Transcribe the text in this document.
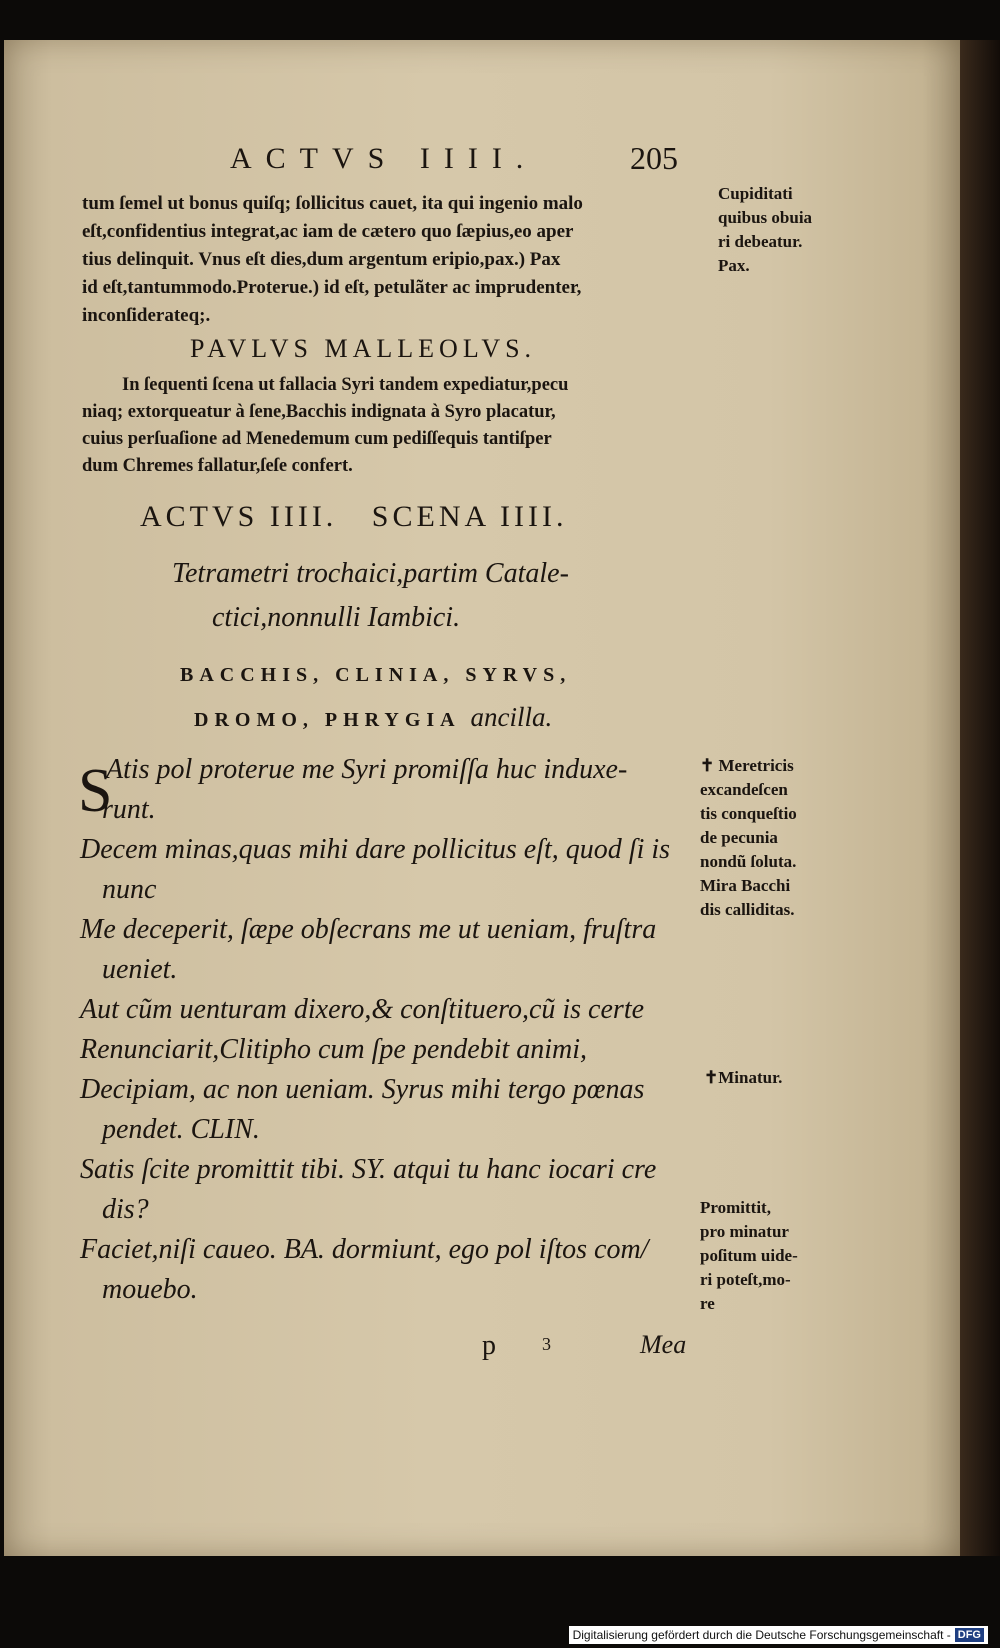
ACTVS IIII.	205
tum ſemel ut bonus quiſq; ſollicitus cauet, ita qui ingenio malo
eſt,confidentius integrat,ac iam de cætero quo ſæpius,eo aper
tius delinquit. Vnus eſt dies,dum argentum eripio,pax.) Pax
id eſt,tantummodo.Proterue.) id eſt, petulãter ac imprudenter,
inconſiderateq;.
PAVLVS MALLEOLVS.
In ſequenti ſcena ut fallacia Syri tandem expediatur,pecu
niaq; extorqueatur à ſene,Bacchis indignata à Syro placatur,
cuius perſuaſione ad Menedemum cum pediſſequis tantiſper
dum Chremes fallatur,ſeſe confert.
ACTVS IIII.   SCENA IIII.
Tetrametri trochaici,partim Catale-
ctici,nonnulli Iambici.
BACCHIS, CLINIA, SYRVS,
DROMO, PHRYGIA ancilla.
S
Atis pol proterue me Syri promiſſa huc induxe-
runt.
Decem minas,quas mihi dare pollicitus eſt, quod ſi is
nunc
Me deceperit, ſæpe obſecrans me ut ueniam, fruſtra
ueniet.
Aut cũm uenturam dixero,& conſtituero,cũ is certe
Renunciarit,Clitipho cum ſpe pendebit animi,
Decipiam, ac non ueniam. Syrus mihi tergo pœnas
pendet. CLIN.
Satis ſcite promittit tibi. SY. atqui tu hanc iocari cre
dis?
Faciet,niſi caueo. BA. dormiunt, ego pol iſtos com/
mouebo.
Cupiditati
quibus obuia
ri debeatur.
Pax.
✝ Meretricis
excandeſcen
tis conqueſtio
de pecunia
nondũ ſoluta.
Mira Bacchi
dis calliditas.
✝Minatur.
Promittit,
pro minatur
poſitum uide-
ri poteſt,mo-
re
p	3	Mea
Digitalisierung gefördert durch die Deutsche Forschungsgemeinschaft - DFG
